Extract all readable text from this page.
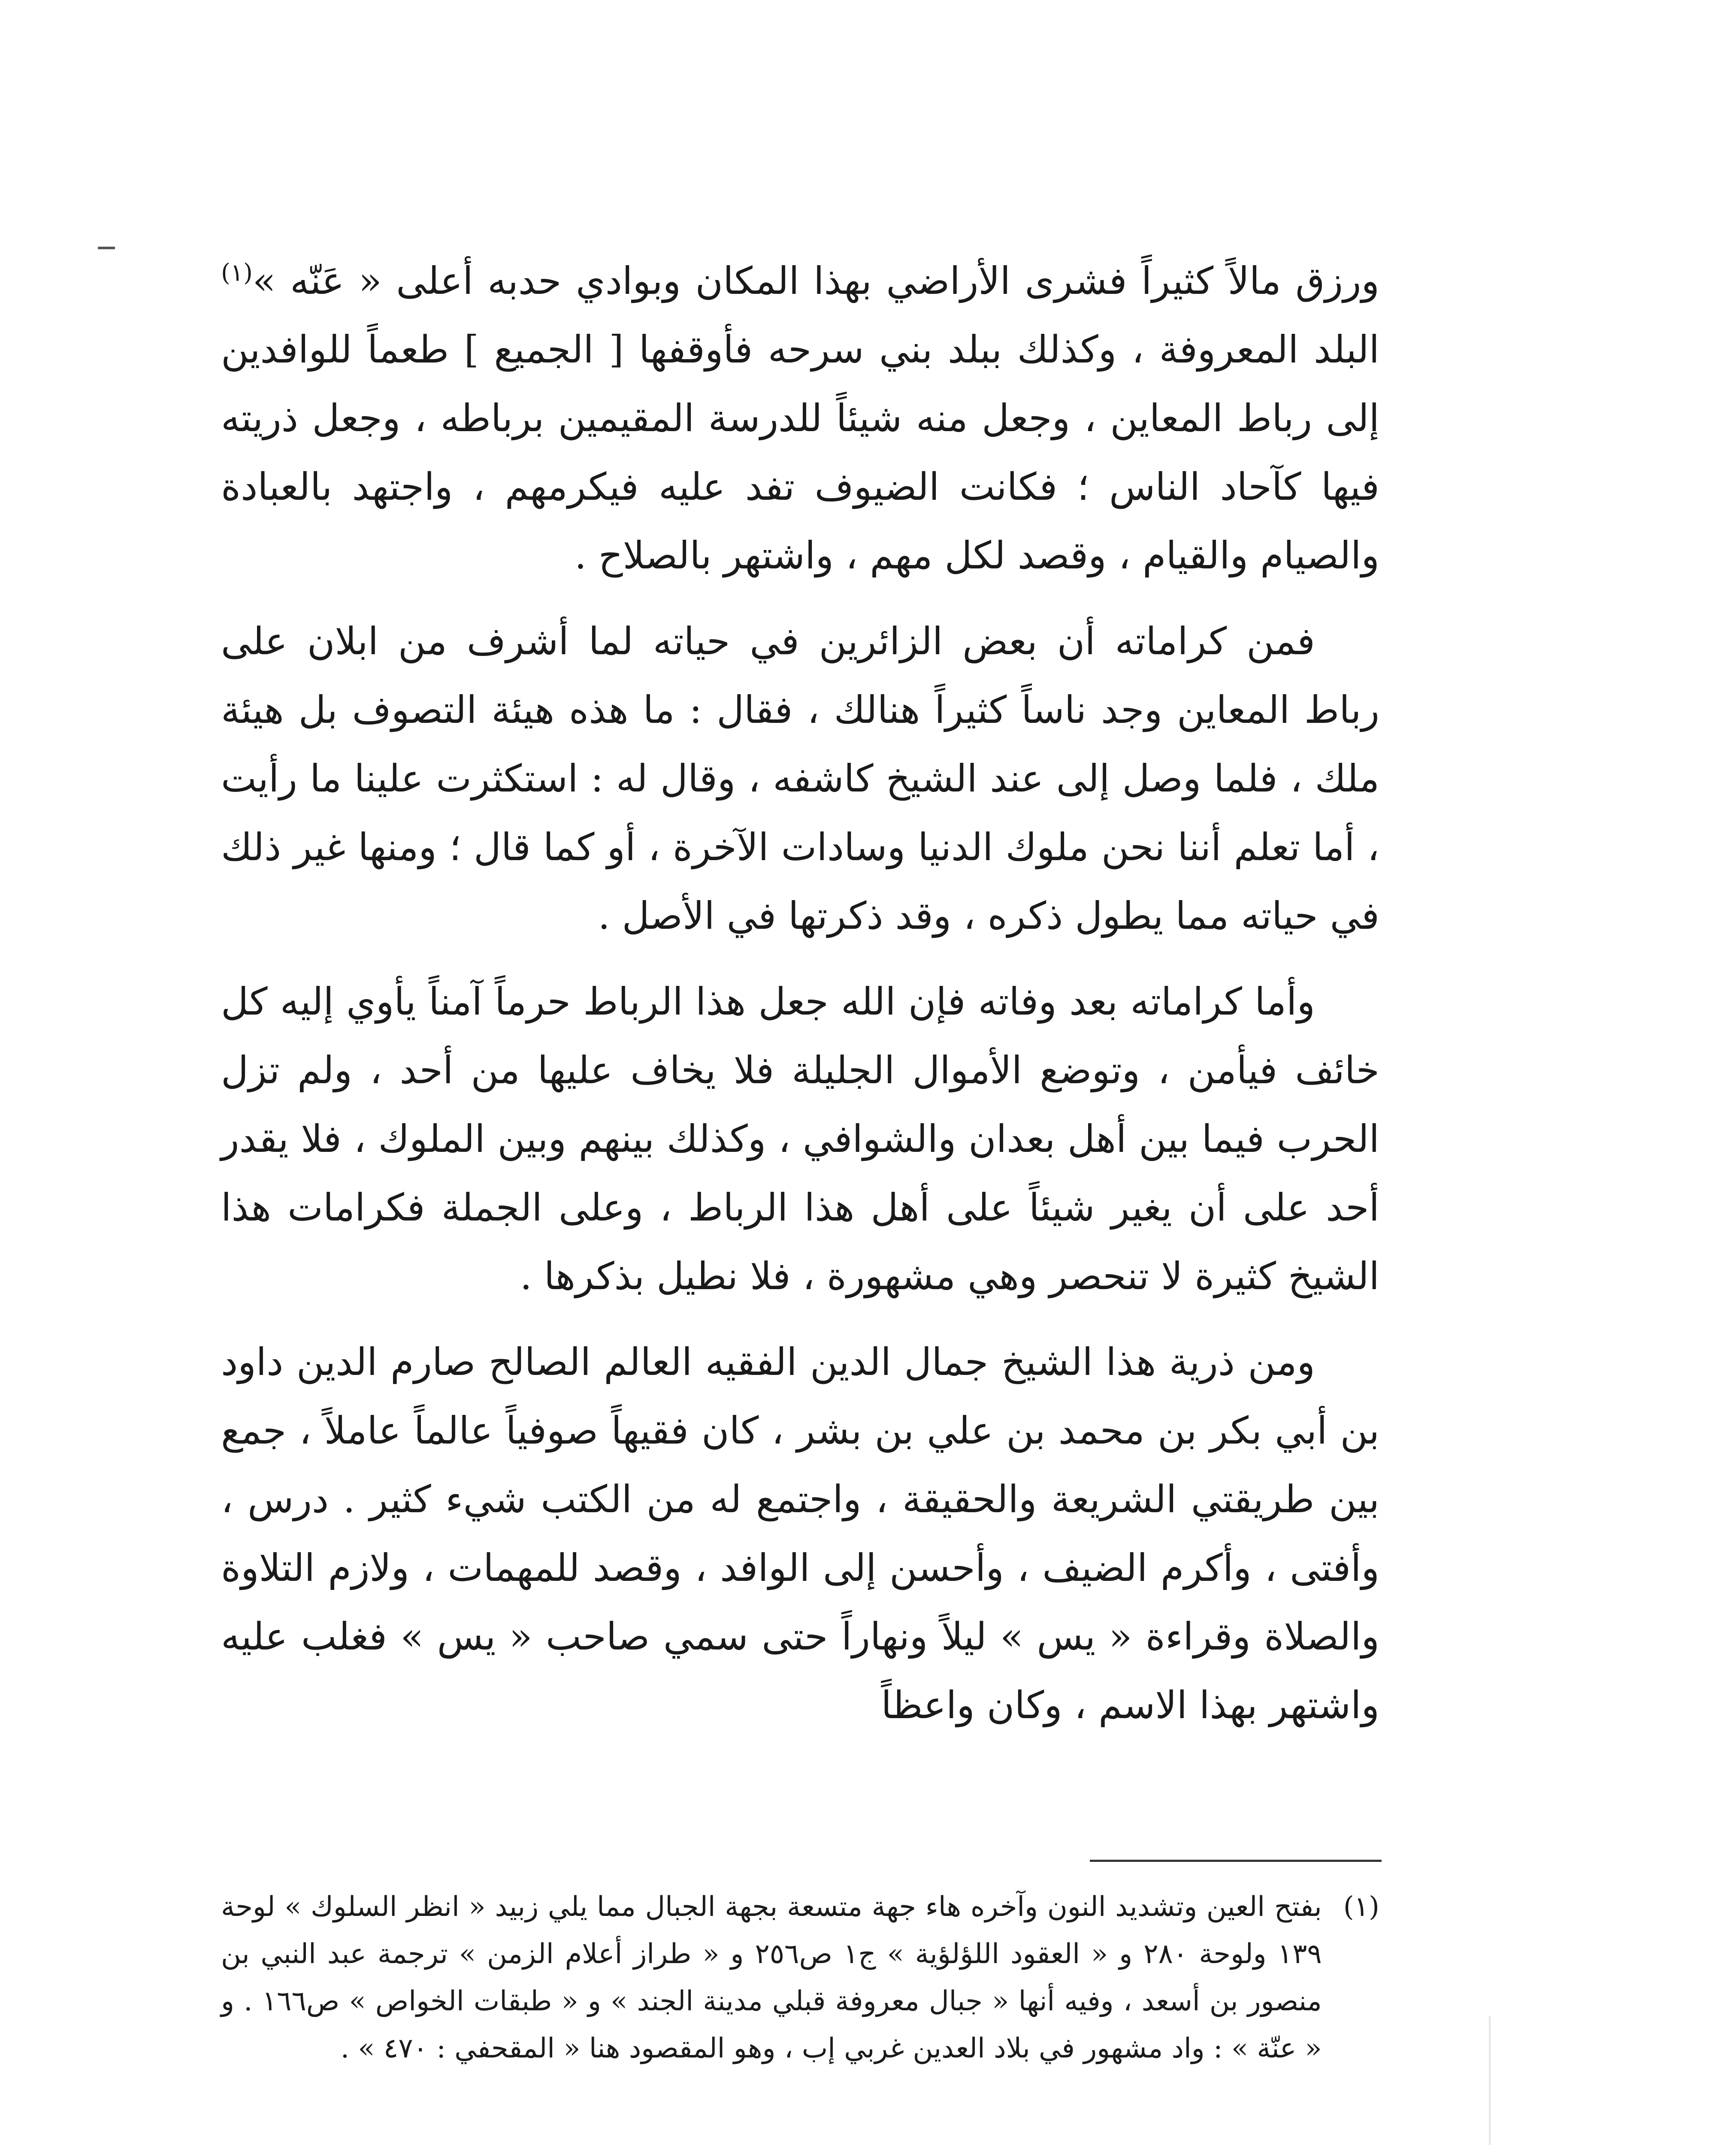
ورزق مالاً كثيراً فشرى الأراضي بهذا المكان وبوادي حدبه أعلى « عَنّه »$^{(١)}$ البلد المعروفة ، وكذلك ببلد بني سرحه فأوقفها [ الجميع ] طعماً للوافدين إلى رباط المعاين ، وجعل منه شيئاً للدرسة المقيمين برباطه ، وجعل ذريته فيها كآحاد الناس ؛ فكانت الضيوف تفد عليه فيكرمهم ، واجتهد بالعبادة والصيام والقيام ، وقصد لكل مهم ، واشتهر بالصلاح .

فمن كراماته أن بعض الزائرين في حياته لما أشرف من ابلان على رباط المعاين وجد ناساً كثيراً هنالك ، فقال : ما هذه هيئة التصوف بل هيئة ملك ، فلما وصل إلى عند الشيخ كاشفه ، وقال له : استكثرت علينا ما رأيت ، أما تعلم أننا نحن ملوك الدنيا وسادات الآخرة ، أو كما قال ؛ ومنها غير ذلك في حياته مما يطول ذكره ، وقد ذكرتها في الأصل .

وأما كراماته بعد وفاته فإن الله جعل هذا الرباط حرماً آمناً يأوي إليه كل خائف فيأمن ، وتوضع الأموال الجليلة فلا يخاف عليها من أحد ، ولم تزل الحرب فيما بين أهل بعدان والشوافي ، وكذلك بينهم وبين الملوك ، فلا يقدر أحد على أن يغير شيئاً على أهل هذا الرباط ، وعلى الجملة فكرامات هذا الشيخ كثيرة لا تنحصر وهي مشهورة ، فلا نطيل بذكرها .

ومن ذرية هذا الشيخ جمال الدين الفقيه العالم الصالح صارم الدين داود بن أبي بكر بن محمد بن علي بن بشر ، كان فقيهاً صوفياً عالماً عاملاً ، جمع بين طريقتي الشريعة والحقيقة ، واجتمع له من الكتب شيء كثير . درس ، وأفتى ، وأكرم الضيف ، وأحسن إلى الوافد ، وقصد للمهمات ، ولازم التلاوة والصلاة وقراءة « يس » ليلاً ونهاراً حتى سمي صاحب « يس » فغلب عليه واشتهر بهذا الاسم ، وكان واعظاً

(١)
بفتح العين وتشديد النون وآخره هاء جهة متسعة بجهة الجبال مما يلي زبيد « انظر السلوك » لوحة ١٣٩ ولوحة ٢٨٠ و « العقود اللؤلؤية » ج١ ص٢٥٦ و « طراز أعلام الزمن » ترجمة عبد النبي بن منصور بن أسعد ، وفيه أنها « جبال معروفة قبلي مدينة الجند » و « طبقات الخواص » ص١٦٦ . و « عنّة » : واد مشهور في بلاد العدين غربي إب ، وهو المقصود هنا « المقحفي : ٤٧٠ » .
